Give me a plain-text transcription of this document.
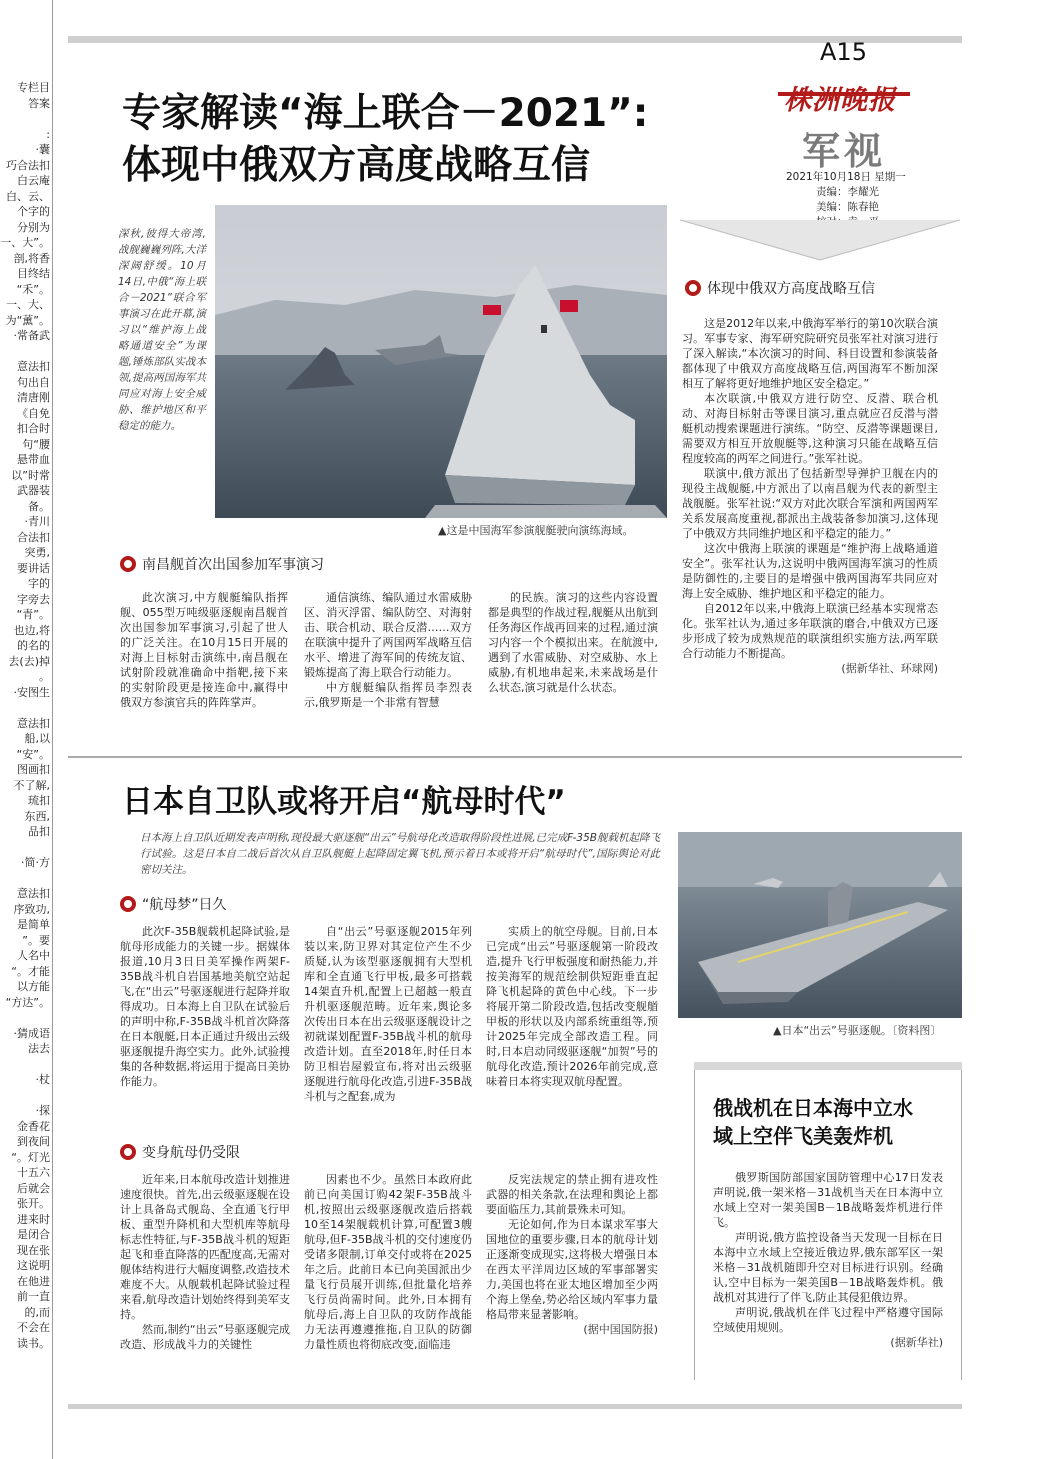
专栏目
答案

:
·囊
巧合法扣
白云庵
白、云、
个字的
分别为
一、大”。
剖,将香
目终结
“禾”。
一、大、
为“薰”。
·常备武

意法扣
句出自
清唐刚
《自免
扣合时
句“腰
悬带血
以”时常
武器装
备。
·青川
合法扣
突勇,
要讲话
字的
字旁去
“青”。
也边,将
的名的
去(去)掉
。
·安图生

意法扣
船,以
“安”。
图画扣
不了解,
琉扣
东西,
品扣

·简·方

意法扣
序致功,
是简单
”。要
人名中
“。才能
以方能
“方达”。

·猜成语
法去

·杖

·探
金香花
到夜间
“。灯光
十五六
后就会
张开。
进来时
是闭合
现在张
这说明
在他进
前一直
的,而
不会在
读书。
A15
株洲晚报
军视
2021年10月18日 星期一
责编：李耀光
美编：陈春艳
专家解读“海上联合－2021”:
体现中俄双方高度战略互信
深秋,彼得大帝湾,战舰巍巍列阵,大洋深阔舒缓。10月14日,中俄“海上联合－2021”联合军事演习在此开幕,演习以“维护海上战略通道安全”为课题,锤炼部队实战本领,提高两国海军共同应对海上安全威胁、维护地区和平稳定的能力。
▲这是中国海军参演舰艇驶向演练海域。
南昌舰首次出国参加军事演习

此次演习,中方舰艇编队指挥舰、055型万吨级驱逐舰南昌舰首次出国参加军事演习,引起了世人的广泛关注。在10月15日开展的对海上目标射击演练中,南昌舰在试射阶段就准确命中指靶,接下来的实射阶段更是接连命中,赢得中俄双方参演官兵的阵阵掌声。

通信演练、编队通过水雷威胁区、消灭浮雷、编队防空、对海射击、联合机动、联合反潜……双方在联演中提升了两国两军战略互信水平、增进了海军间的传统友谊、锻炼提高了海上联合行动能力。

中方舰艇编队指挥员李烈表示,俄罗斯是一个非常有智慧

的民族。演习的这些内容设置都是典型的作战过程,舰艇从出航到任务海区作战再回来的过程,通过演习内容一个个模拟出来。在航渡中,遇到了水雷威胁、对空威胁、水上威胁,有机地串起来,未来战场是什么状态,演习就是什么状态。

体现中俄双方高度战略互信

这是2012年以来,中俄海军举行的第10次联合演习。军事专家、海军研究院研究员张军社对演习进行了深入解读,“本次演习的时间、科目设置和参演装备都体现了中俄双方高度战略互信,两国海军不断加深相互了解将更好地维护地区安全稳定。”

本次联演,中俄双方进行防空、反潜、联合机动、对海目标射击等课目演习,重点就应召反潜与潜艇机动搜索课题进行演练。“防空、反潜等课题课目,需要双方相互开放舰艇等,这种演习只能在战略互信程度较高的两军之间进行。”张军社说。

联演中,俄方派出了包括新型导弹护卫舰在内的现役主战舰艇,中方派出了以南昌舰为代表的新型主战舰艇。张军社说:“双方对此次联合军演和两国两军关系发展高度重视,都派出主战装备参加演习,这体现了中俄双方共同维护地区和平稳定的能力。”

这次中俄海上联演的课题是“维护海上战略通道安全”。张军社认为,这说明中俄两国海军演习的性质是防御性的,主要目的是增强中俄两国海军共同应对海上安全威胁、维护地区和平稳定的能力。

自2012年以来,中俄海上联演已经基本实现常态化。张军社认为,通过多年联演的磨合,中俄双方已逐步形成了较为成熟规范的联演组织实施方法,两军联合行动能力不断提高。

(据新华社、环球网)
日本自卫队或将开启“航母时代”
日本海上自卫队近期发表声明称,现役最大驱逐舰“出云”号航母化改造取得阶段性进展,已完成F-35B舰载机起降飞行试验。这是日本自二战后首次从自卫队舰艇上起降固定翼飞机,预示着日本或将开启“航母时代”,国际舆论对此密切关注。
▲日本“出云”号驱逐舰。〔资料图〕
“航母梦”日久

此次F-35B舰载机起降试验,是航母形成能力的关键一步。据媒体报道,10月3日日美军操作两架F-35B战斗机自岩国基地美航空站起飞,在“出云”号驱逐舰进行起降并取得成功。日本海上自卫队在试验后的声明中称,F-35B战斗机首次降落在日本舰艇,日本正通过升级出云级驱逐舰提升海空实力。此外,试验搜集的各种数据,将运用于提高日美协作能力。

自“出云”号驱逐舰2015年列装以来,防卫界对其定位产生不少质疑,认为该型驱逐舰拥有大型机库和全直通飞行甲板,最多可搭载14架直升机,配置上已超越一般直升机驱逐舰范畴。近年来,舆论多次传出日本在出云级驱逐舰设计之初就谋划配置F-35B战斗机的航母改造计划。直至2018年,时任日本防卫相岩屋毅宣布,将对出云级驱逐舰进行航母化改造,引进F-35B战斗机与之配套,成为

实质上的航空母舰。目前,日本已完成“出云”号驱逐舰第一阶段改造,提升飞行甲板强度和耐热能力,并按美海军的规范绘制供短距垂直起降飞机起降的黄色中心线。下一步将展开第二阶段改造,包括改变舰艏甲板的形状以及内部系统重组等,预计2025年完成全部改造工程。同时,日本启动同级驱逐舰“加贺”号的航母化改造,预计2026年前完成,意味着日本将实现双航母配置。

变身航母仍受限

近年来,日本航母改造计划推进速度很快。首先,出云级驱逐舰在设计上具备岛式舰岛、全直通飞行甲板、重型升降机和大型机库等航母标志性特征,与F-35B战斗机的短距起飞和垂直降落的匹配度高,无需对舰体结构进行大幅度调整,改造技术难度不大。从舰载机起降试验过程来看,航母改造计划始终得到美军支持。

然而,制约“出云”号驱逐舰完成改造、形成战斗力的关键性

因素也不少。虽然日本政府此前已向美国订购42架F-35B战斗机,按照出云级驱逐舰改造后搭载10至14架舰载机计算,可配置3艘航母,但F-35B战斗机的交付速度仍受诸多限制,订单交付或将在2025年之后。此前日本已向美国派出少量飞行员展开训练,但批量化培养飞行员尚需时间。此外,日本拥有航母后,海上自卫队的攻防作战能力无法再遵遵推拖,自卫队的防御力量性质也将彻底改变,面临违

反宪法规定的禁止拥有进攻性武器的相关条款,在法理和舆论上都要面临压力,其前景殊未可知。

无论如何,作为日本谋求军事大国地位的重要步骤,日本的航母计划正逐渐变成现实,这将极大增强日本在西太平洋周边区域的军事部署实力,美国也将在亚太地区增加至少两个海上堡垒,势必给区域内军事力量格局带来显著影响。

(据中国国防报)
俄战机在日本海中立水
域上空伴飞美轰炸机

俄罗斯国防部国家国防管理中心17日发表声明说,俄一架米格－31战机当天在日本海中立水域上空对一架美国B－1B战略轰炸机进行伴飞。

声明说,俄方监控设备当天发现一目标在日本海中立水域上空接近俄边界,俄东部军区一架米格－31战机随即升空对目标进行识别。经确认,空中目标为一架美国B－1B战略轰炸机。俄战机对其进行了伴飞,防止其侵犯俄边界。

声明说,俄战机在伴飞过程中严格遵守国际空域使用规则。

(据新华社)
